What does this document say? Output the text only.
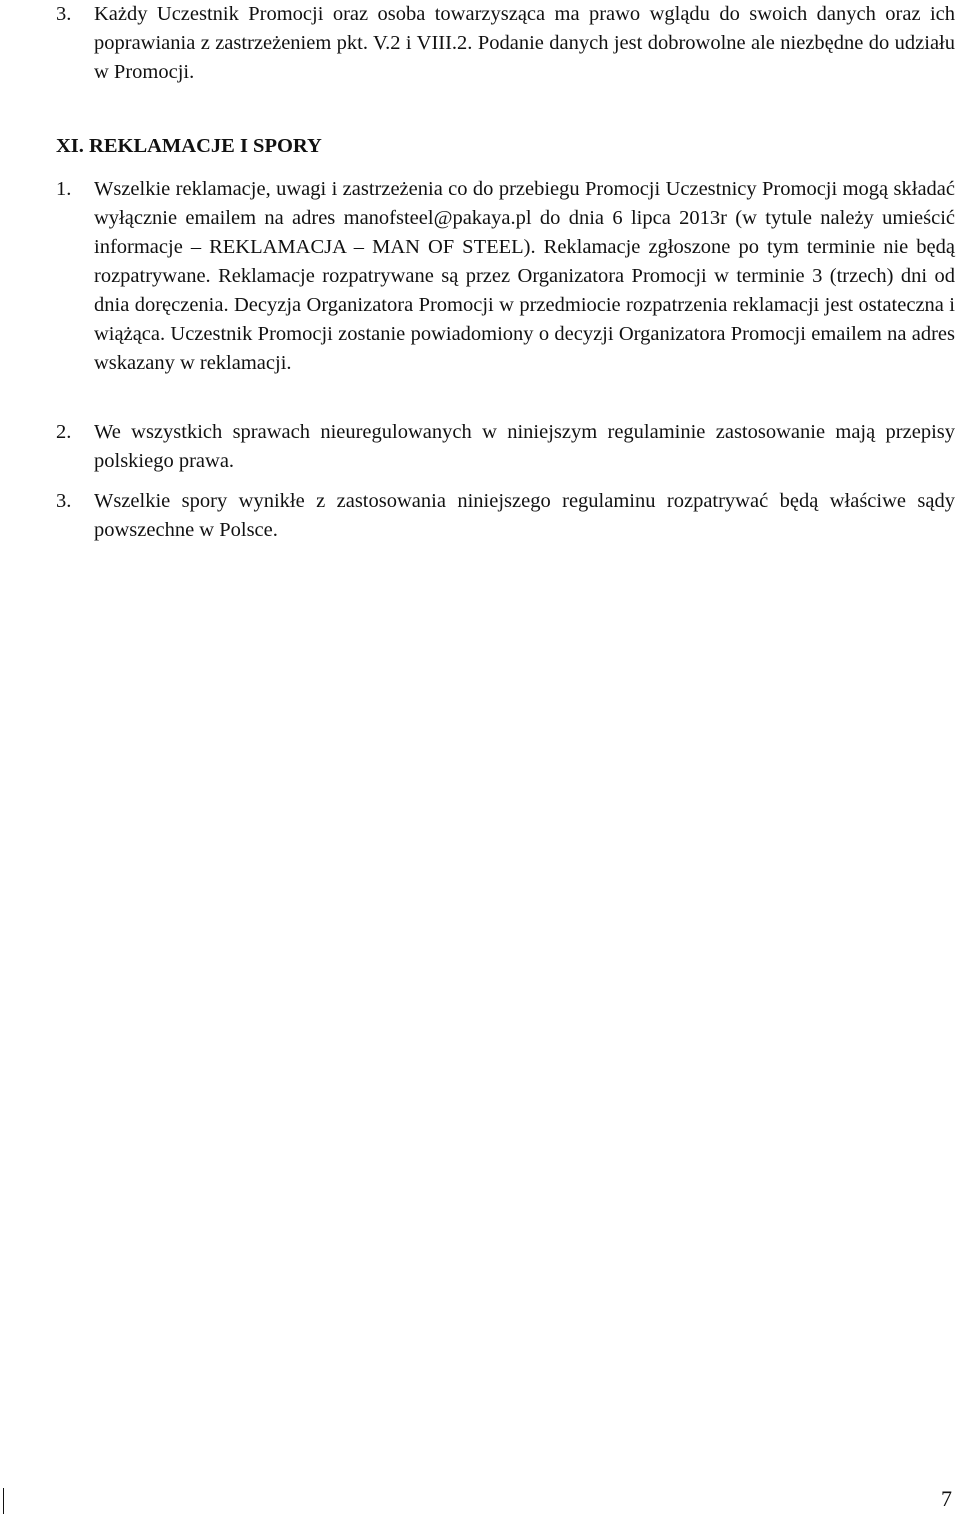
3.	Każdy Uczestnik Promocji oraz osoba towarzysząca ma prawo wglądu do swoich danych oraz ich poprawiania z zastrzeżeniem pkt. V.2 i VIII.2. Podanie danych jest dobrowolne ale niezbędne do udziału w Promocji.
XI. REKLAMACJE I SPORY
1.	Wszelkie reklamacje, uwagi i zastrzeżenia co do przebiegu Promocji Uczestnicy Promocji mogą składać wyłącznie emailem na adres manofsteel@pakaya.pl do dnia 6 lipca 2013r (w tytule należy umieścić informacje – REKLAMACJA – MAN OF STEEL). Reklamacje zgłoszone po tym terminie nie będą rozpatrywane. Reklamacje rozpatrywane są przez Organizatora Promocji w terminie 3 (trzech) dni od dnia doręczenia. Decyzja Organizatora Promocji w przedmiocie rozpatrzenia reklamacji jest ostateczna i wiążąca. Uczestnik Promocji zostanie powiadomiony o decyzji Organizatora Promocji emailem na adres wskazany w reklamacji.
2.	We wszystkich sprawach nieuregulowanych w niniejszym regulaminie zastosowanie mają przepisy polskiego prawa.
3.	Wszelkie spory wynikłe z zastosowania niniejszego regulaminu rozpatrywać będą właściwe sądy powszechne w Polsce.
7
